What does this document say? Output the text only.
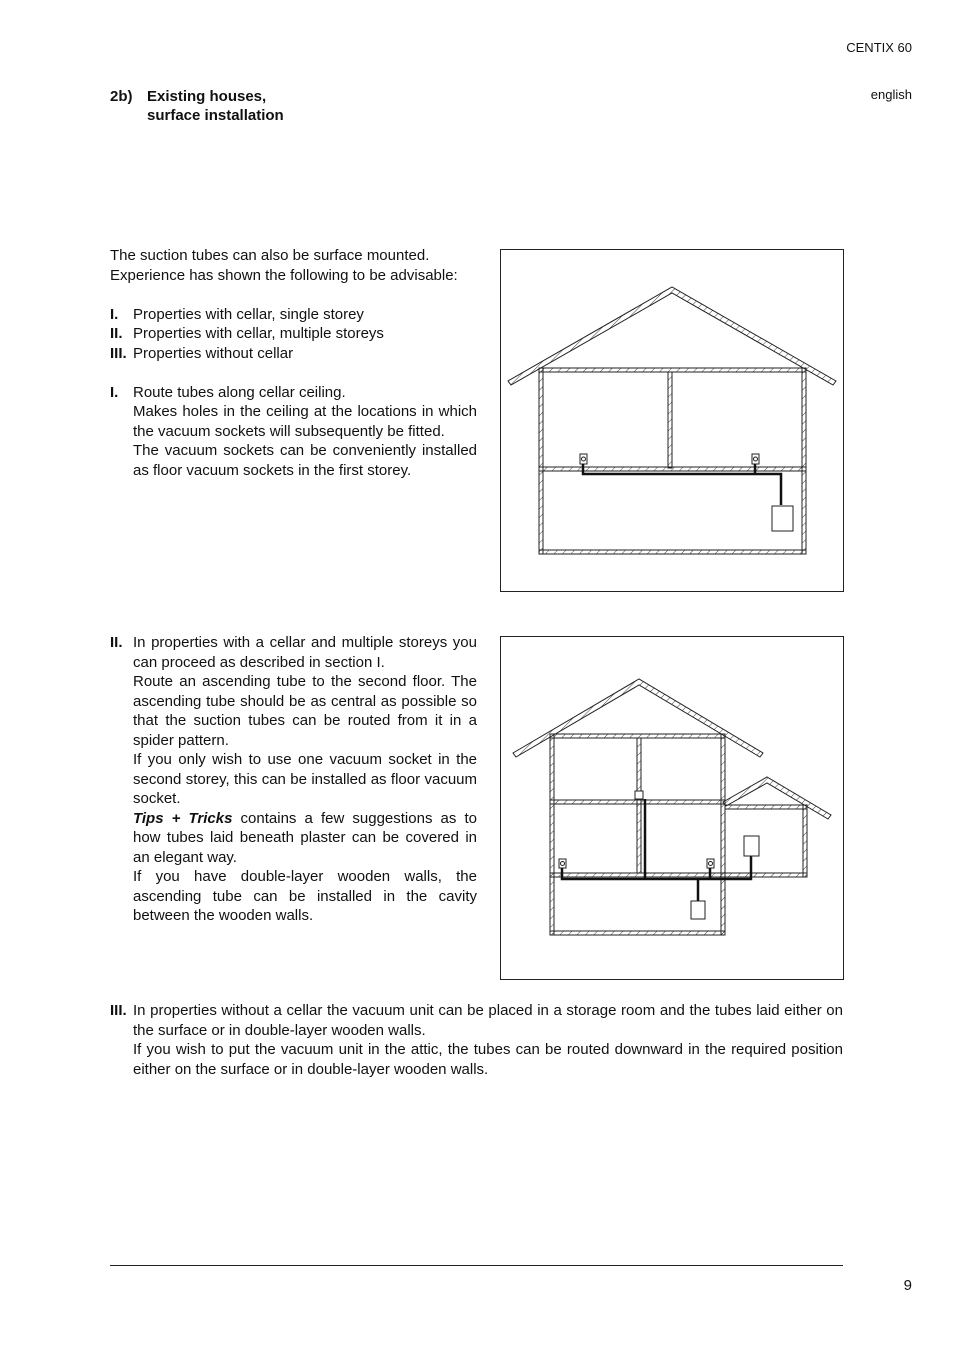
CENTIX 60
english
2b) Existing houses,
surface installation
The suction tubes can also be surface mounted.
Experience has shown the following to be advisable:
I. Properties with cellar, single storey
II. Properties with cellar, multiple storeys
III. Properties without cellar
I. Route tubes along cellar ceiling.
Makes holes in the ceiling at the locations in which the vacuum sockets will subsequently be fitted.
The vacuum sockets can be conveniently installed as floor vacuum sockets in the first storey.
II. In properties with a cellar and multiple storeys you can proceed as described in section I.
Route an ascending tube to the second floor. The ascending tube should be as central as possible so that the suction tubes can be routed from it in a spider pattern.
If you only wish to use one vacuum socket in the second storey, this can be installed as floor vacuum socket.
Tips + Tricks contains a few suggestions as to how tubes laid beneath plaster can be covered in an elegant way.
If you have double-layer wooden walls, the ascending tube can be installed in the cavity between the wooden walls.
III. In properties without a cellar the vacuum unit can be placed in a storage room and the tubes laid either on the surface or in double-layer wooden walls.
If you wish to put the vacuum unit in the attic, the tubes can be routed downward in the required position either on the surface or in double-layer wooden walls.
9
